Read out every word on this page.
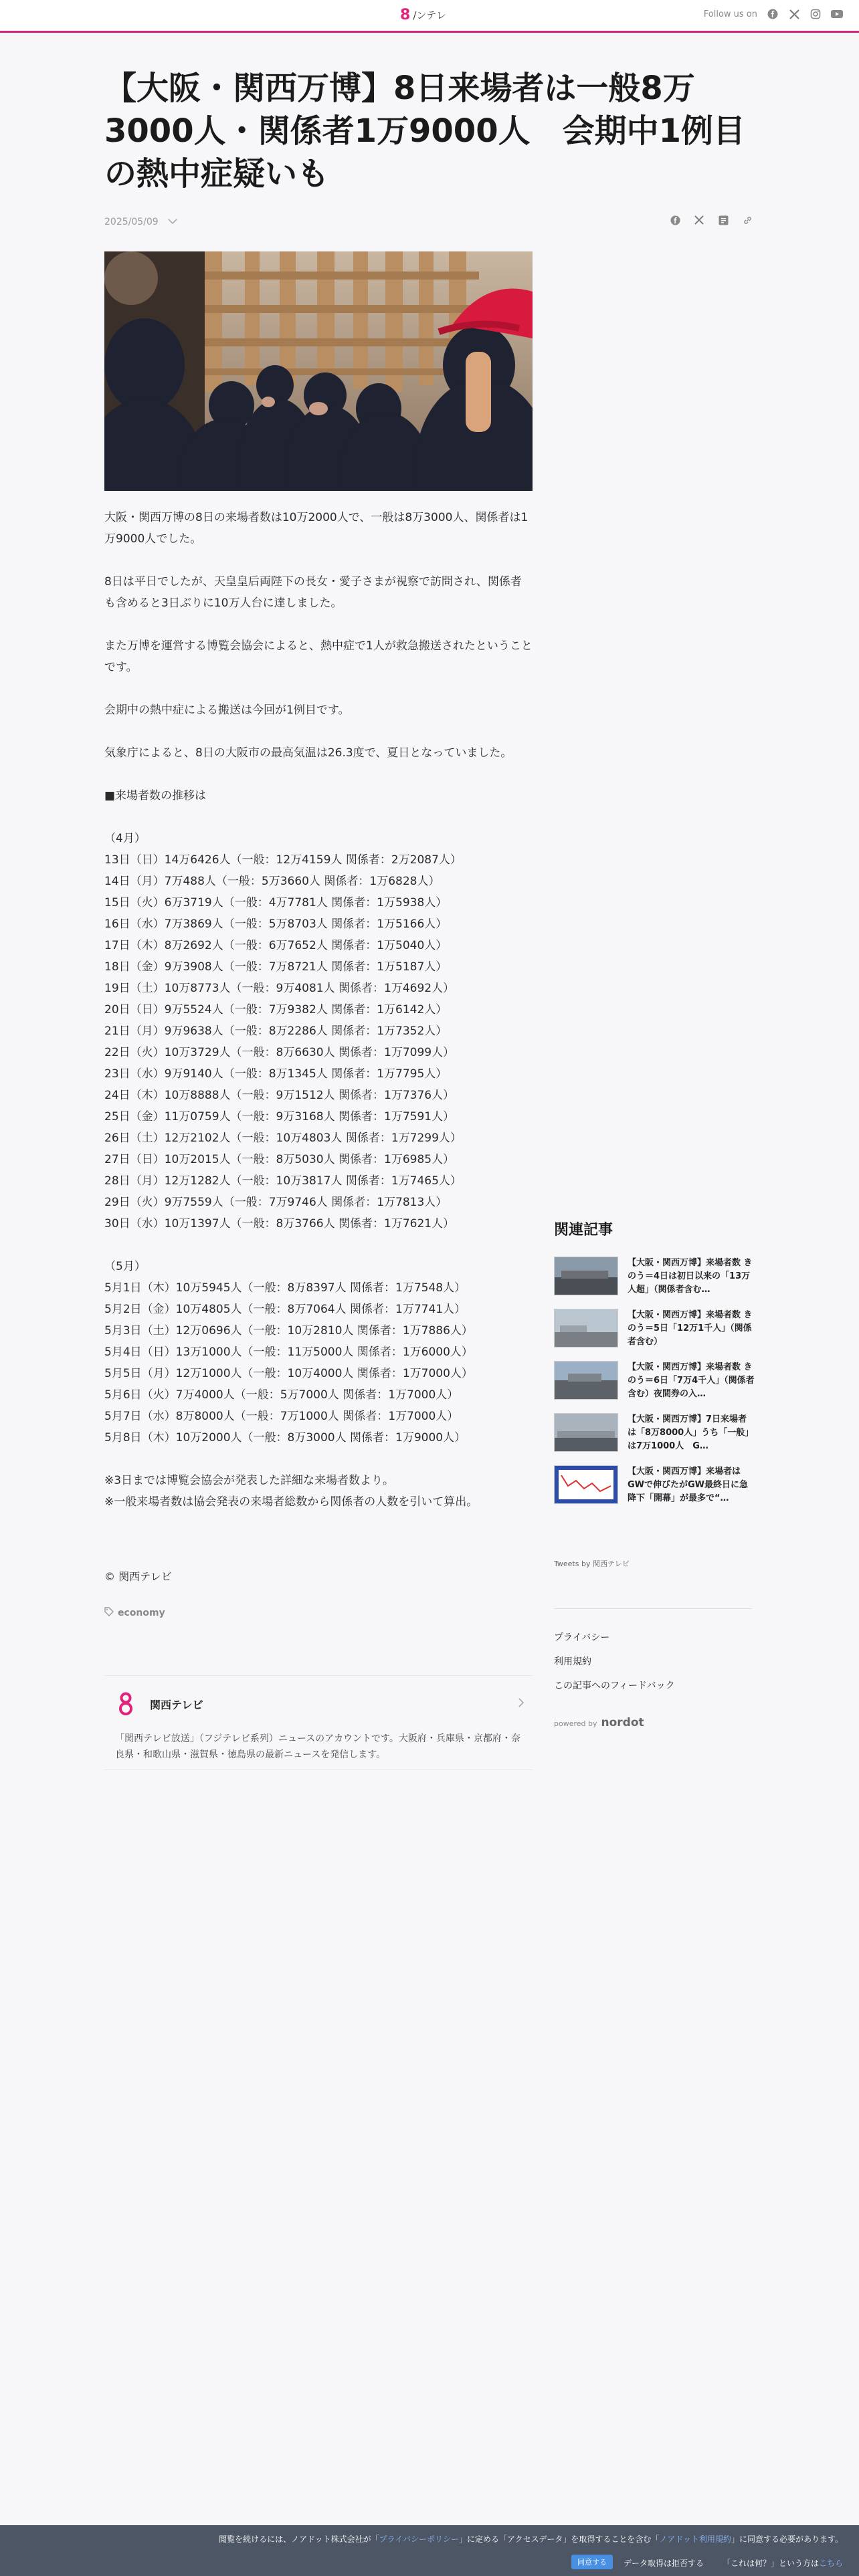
8 /ンテレ	Follow us on
【大阪・関西万博】8日来場者は一般8万3000人・関係者1万9000人　会期中1例目の熱中症疑いも
2025/05/09

大阪・関西万博の8日の来場者数は10万2000人で、一般は8万3000人、関係者は1万9000人でした。

8日は平日でしたが、天皇皇后両陛下の長女・愛子さまが視察で訪問され、関係者も含めると3日ぶりに10万人台に達しました。

また万博を運営する博覧会協会によると、熱中症で1人が救急搬送されたということです。

会期中の熱中症による搬送は今回が1例目です。

気象庁によると、8日の大阪市の最高気温は26.3度で、夏日となっていました。

■来場者数の推移は

（4月）
13日（日）14万6426人（一般：12万4159人 関係者：2万2087人）
14日（月）7万488人（一般：5万3660人 関係者：1万6828人）
15日（火）6万3719人（一般：4万7781人 関係者：1万5938人）
16日（水）7万3869人（一般：5万8703人 関係者：1万5166人）
17日（木）8万2692人（一般：6万7652人 関係者：1万5040人）
18日（金）9万3908人（一般：7万8721人 関係者：1万5187人）
19日（土）10万8773人（一般：9万4081人 関係者：1万4692人）
20日（日）9万5524人（一般：7万9382人 関係者：1万6142人）
21日（月）9万9638人（一般：8万2286人 関係者：1万7352人）
22日（火）10万3729人（一般：8万6630人 関係者：1万7099人）
23日（水）9万9140人（一般：8万1345人 関係者：1万7795人）
24日（木）10万8888人（一般：9万1512人 関係者：1万7376人）
25日（金）11万0759人（一般：9万3168人 関係者：1万7591人）
26日（土）12万2102人（一般：10万4803人 関係者：1万7299人）
27日（日）10万2015人（一般：8万5030人 関係者：1万6985人）
28日（月）12万1282人（一般：10万3817人 関係者：1万7465人）
29日（火）9万7559人（一般：7万9746人 関係者：1万7813人）
30日（水）10万1397人（一般：8万3766人 関係者：1万7621人）
（5月）
5月1日（木）10万5945人（一般：8万8397人 関係者：1万7548人）
5月2日（金）10万4805人（一般：8万7064人 関係者：1万7741人）
5月3日（土）12万0696人（一般：10万2810人 関係者：1万7886人）
5月4日（日）13万1000人（一般：11万5000人 関係者：1万6000人）
5月5日（月）12万1000人（一般：10万4000人 関係者：1万7000人）
5月6日（火）7万4000人（一般：5万7000人 関係者：1万7000人）
5月7日（水）8万8000人（一般：7万1000人 関係者：1万7000人）
5月8日（木）10万2000人（一般：8万3000人 関係者：1万9000人）
※3日までは博覧会協会が発表した詳細な来場者数より。
※一般来場者数は協会発表の来場者総数から関係者の人数を引いて算出。
© 関西テレビ
economy
関西テレビ
「関西テレビ放送」（フジテレビ系列）ニュースのアカウントです。大阪府・兵庫県・京都府・奈良県・和歌山県・滋賀県・徳島県の最新ニュースを発信します。
関連記事
【大阪・関西万博】来場者数 きのう＝4日は初日以来の「13万人超」（関係者含む…
【大阪・関西万博】来場者数 きのう＝5日「12万1千人」（関係者含む）
【大阪・関西万博】来場者数 きのう＝6日「7万4千人」（関係者含む）夜間券の入…
【大阪・関西万博】7日来場者は「8万8000人」うち「一般」は7万1000人　G…
【大阪・関西万博】来場者は GWで伸びたがGW最終日に急降下「開幕」が最多で“…
Tweets by 関西テレビ
プライバシー
利用規約
この記事へのフィードバック
powered by nordot
閲覧を続けるには、ノアドット株式会社が「プライバシーポリシー」に定める「アクセスデータ」を取得することを含む「ノアドット利用規約」に同意する必要があります。
同意する	データ取得は拒否する 「これは何？」という方はこちら
